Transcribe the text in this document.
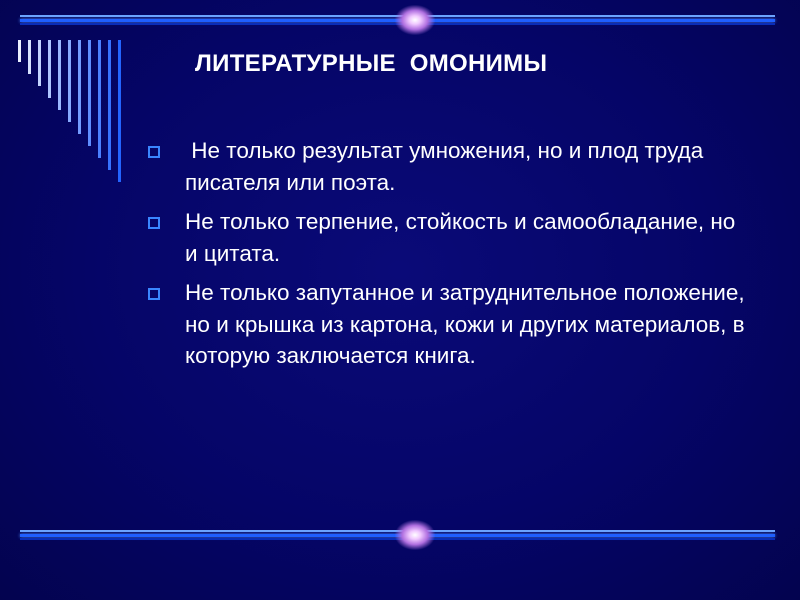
ЛИТЕРАТУРНЫЕ  ОМОНИМЫ
Не только результат умножения, но и плод труда писателя или поэта.
Не только терпение, стойкость и самообладание, но и цитата.
Не только запутанное и затруднительное положение, но и крышка из картона, кожи и других материалов, в которую заключается книга.
